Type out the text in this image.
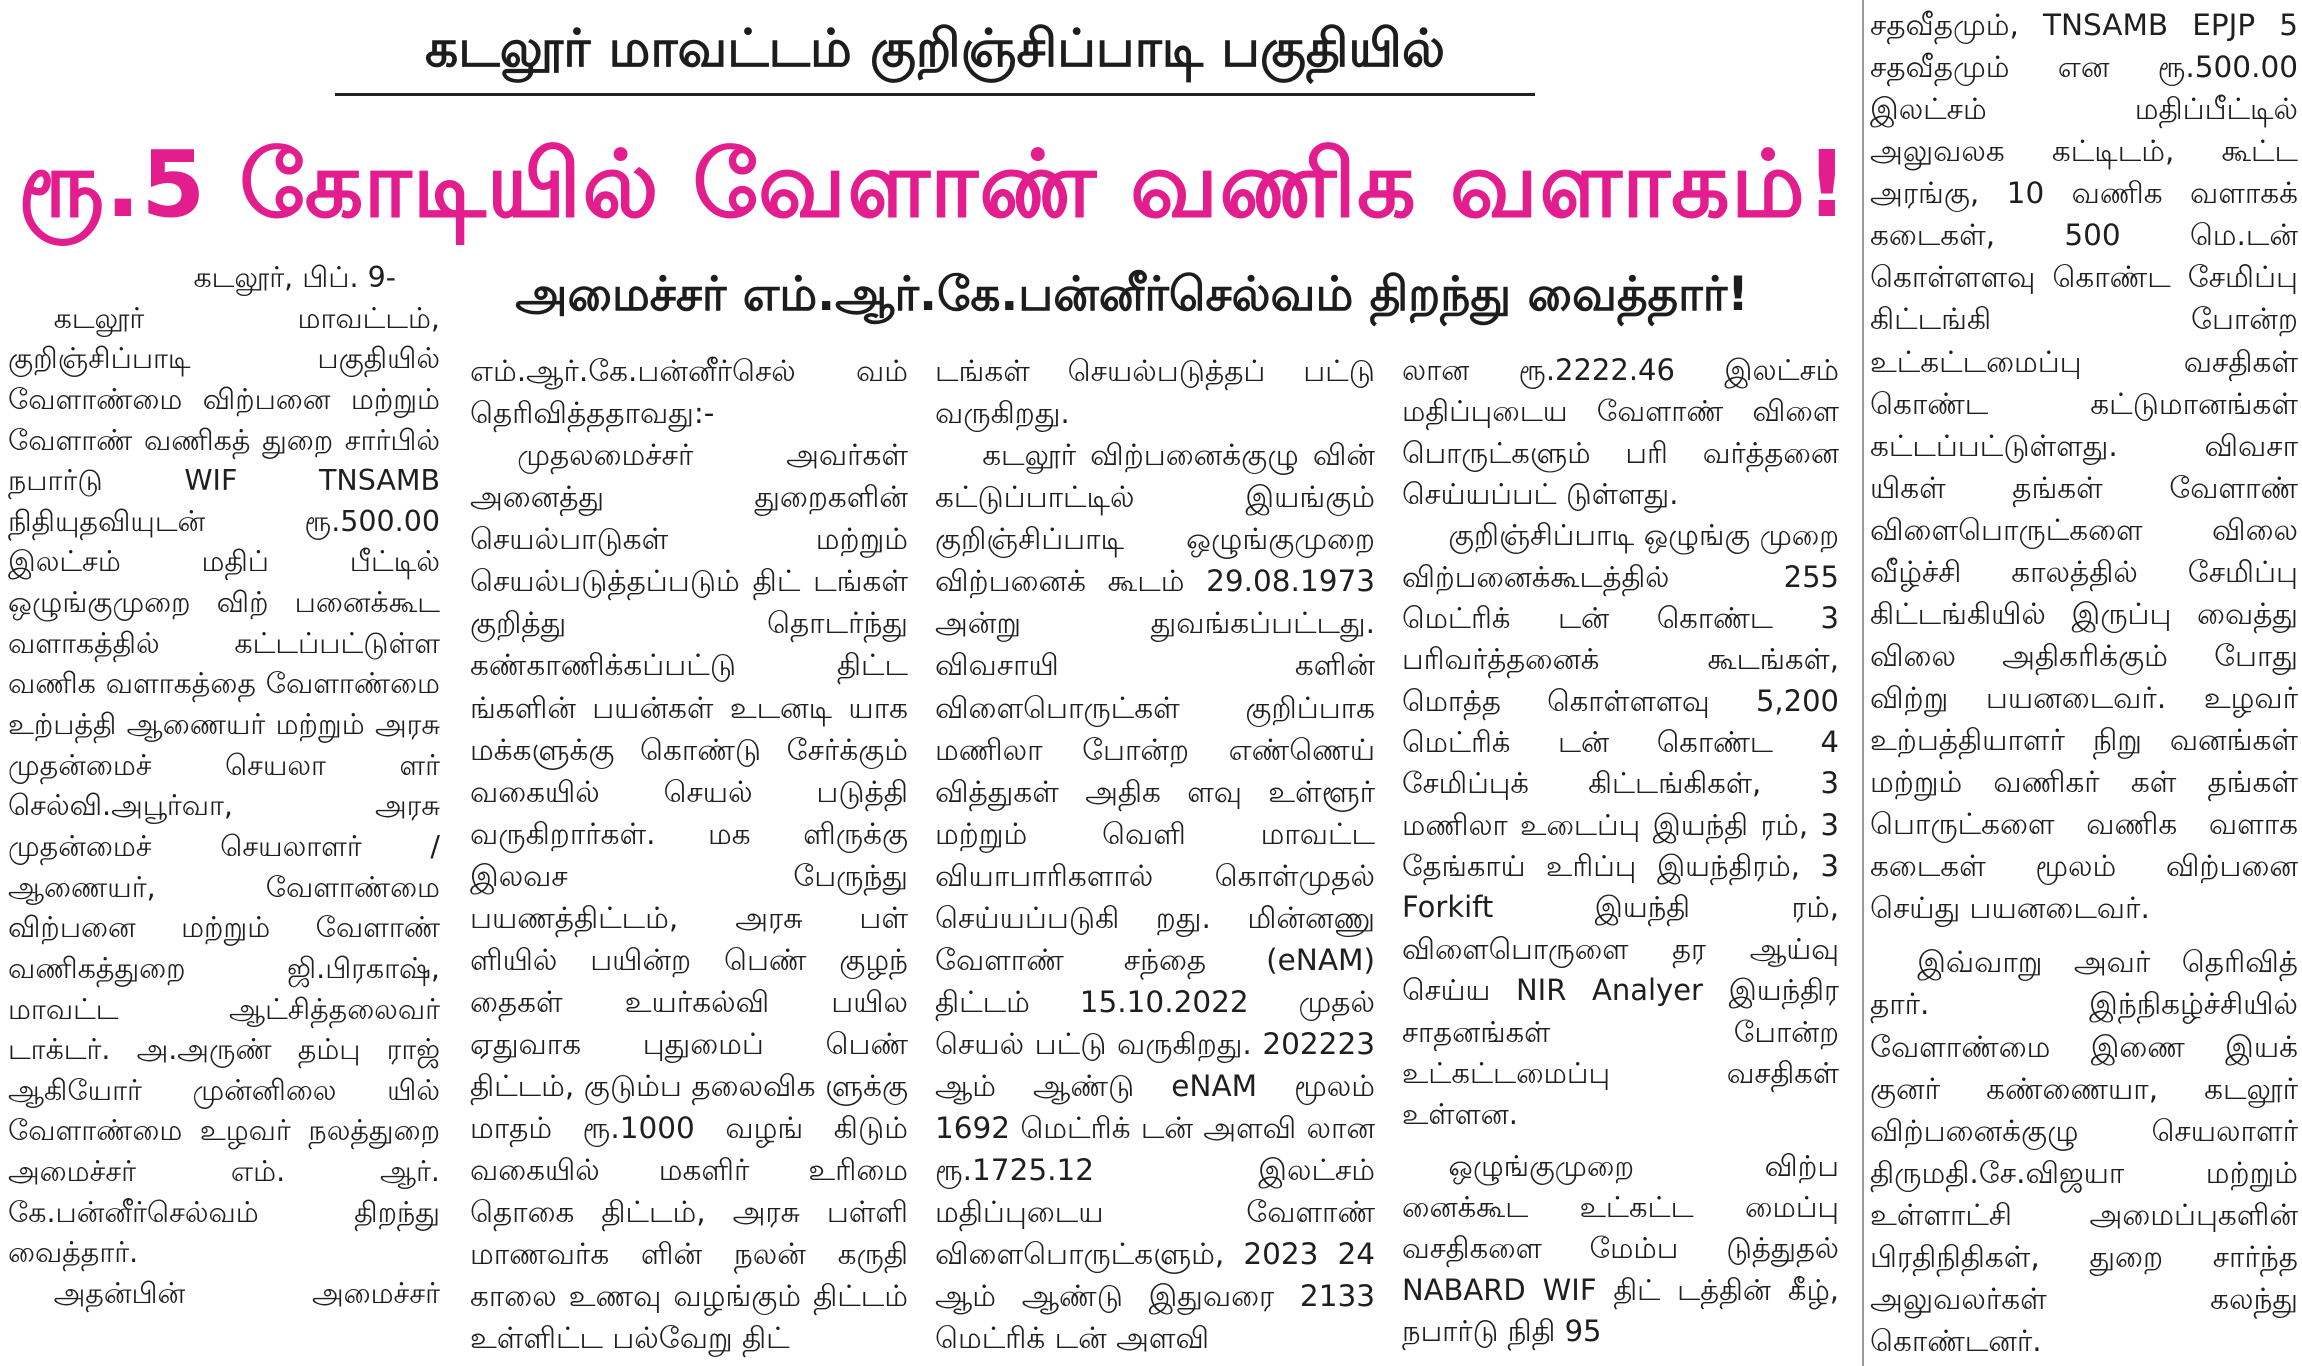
கடலூர் மாவட்டம் குறிஞ்சிப்பாடி பகுதியில்
ரூ.5 கோடியில் வேளாண் வணிக வளாகம்!
அமைச்சர் எம்.ஆர்.கே.பன்னீர்செல்வம் திறந்து வைத்தார்!

கடலூர், பிப். 9-

கடலூர் மாவட்டம், குறிஞ்சிப்பாடி பகுதியில் வேளாண்மை விற்பனை மற்றும் வேளாண் வணிகத் துறை சார்பில் நபார்டு WIF TNSAMB நிதியுதவியுடன் ரூ.500.00 இலட்சம் மதிப் பீட்டில் ஒழுங்குமுறை விற் பனைக்கூட வளாகத்தில் கட்டப்பட்டுள்ள வணிக வளாகத்தை வேளாண்மை உற்பத்தி ஆணையர் மற்றும் அரசு முதன்மைச் செயலா ளர் செல்வி.அபூர்வா, அரசு முதன்மைச் செயலாளர் / ஆணையர், வேளாண்மை விற்பனை மற்றும் வேளாண் வணிகத்துறை ஜி.பிரகாஷ், மாவட்ட ஆட்சித்தலைவர் டாக்டர். அ.அருண் தம்பு ராஜ் ஆகியோர் முன்னிலை யில் வேளாண்மை உழவர் நலத்துறை அமைச்சர் எம். ஆர். கே.பன்னீர்செல்வம் திறந்து வைத்தார்.

அதன்பின் அமைச்சர்

எம்.ஆர்.கே.பன்னீர்செல் வம் தெரிவித்ததாவது:-

முதலமைச்சர் அவர்கள் அனைத்து துறைகளின் செயல்பாடுகள் மற்றும் செயல்படுத்தப்படும் திட் டங்கள் குறித்து தொடர்ந்து கண்காணிக்கப்பட்டு திட்ட ங்களின் பயன்கள் உடனடி யாக மக்களுக்கு கொண்டு சேர்க்கும் வகையில் செயல் படுத்தி வருகிறார்கள். மக ளிருக்கு இலவச பேருந்து பயணத்திட்டம், அரசு பள் ளியில் பயின்ற பெண் குழந் தைகள் உயர்கல்வி பயில ஏதுவாக புதுமைப் பெண் திட்டம், குடும்ப தலைவிக ளுக்கு மாதம் ரூ.1000 வழங் கிடும் வகையில் மகளிர் உரிமை தொகை திட்டம், அரசு பள்ளி மாணவர்க ளின் நலன் கருதி காலை உணவு வழங்கும் திட்டம் உள்ளிட்ட பல்வேறு திட்

டங்கள் செயல்படுத்தப் பட்டு வருகிறது.

கடலூர் விற்பனைக்குழு வின் கட்டுப்பாட்டில் இயங்கும் குறிஞ்சிப்பாடி ஒழுங்குமுறை விற்பனைக் கூடம் 29.08.1973 அன்று துவங்கப்பட்டது. விவசாயி களின் விளைபொருட்கள் குறிப்பாக மணிலா போன்ற எண்ணெய் வித்துகள் அதிக ளவு உள்ளூர் மற்றும் வெளி மாவட்ட வியாபாரிகளால் கொள்முதல் செய்யப்படுகி றது. மின்னணு வேளாண் சந்தை (eNAM) திட்டம் 15.10.2022 முதல் செயல் பட்டு வருகிறது. 202223 ஆம் ஆண்டு eNAM மூலம் 1692 மெட்ரிக் டன் அளவி லான ரூ.1725.12 இலட்சம் மதிப்புடைய வேளாண் விளைபொருட்களும், 2023 24 ஆம் ஆண்டு இதுவரை 2133 மெட்ரிக் டன் அளவி

லான ரூ.2222.46 இலட்சம் மதிப்புடைய வேளாண் விளை பொருட்களும் பரி வர்த்தனை செய்யப்பட் டுள்ளது.

குறிஞ்சிப்பாடி ஒழுங்கு முறை விற்பனைக்கூடத்தில் 255 மெட்ரிக் டன் கொண்ட 3 பரிவர்த்தனைக் கூடங்கள், மொத்த கொள்ளளவு 5,200 மெட்ரிக் டன் கொண்ட 4 சேமிப்புக் கிட்டங்கிகள், 3 மணிலா உடைப்பு இயந்தி ரம், 3 தேங்காய் உரிப்பு இயந்திரம், 3 Forkift இயந்தி ரம், விளைபொருளை தர ஆய்வு செய்ய NIR Analyer இயந்திர சாதனங்கள் போன்ற உட்கட்டமைப்பு வசதிகள் உள்ளன.

ஒழுங்குமுறை விற்ப னைக்கூட உட்கட்ட மைப்பு வசதிகளை மேம்ப டுத்துதல் NABARD WIF திட் டத்தின் கீழ், நபார்டு நிதி 95

சதவீதமும், TNSAMB EPJP 5 சதவீதமும் என ரூ.500.00 இலட்சம் மதிப்பீட்டில் அலுவலக கட்டிடம், கூட்ட அரங்கு, 10 வணிக வளாகக் கடைகள், 500 மெ.டன் கொள்ளளவு கொண்ட சேமிப்பு கிட்டங்கி போன்ற உட்கட்டமைப்பு வசதிகள் கொண்ட கட்டுமானங்கள் கட்டப்பட்டுள்ளது. விவசா யிகள் தங்கள் வேளாண் விளைபொருட்களை விலை வீழ்ச்சி காலத்தில் சேமிப்பு கிட்டங்கியில் இருப்பு வைத்து விலை அதிகரிக்கும் போது விற்று பயனடைவர். உழவர் உற்பத்தியாளர் நிறு வனங்கள் மற்றும் வணிகர் கள் தங்கள் பொருட்களை வணிக வளாக கடைகள் மூலம் விற்பனை செய்து பயனடைவர்.

இவ்வாறு அவர் தெரிவித் தார். இந்நிகழ்ச்சியில் வேளாண்மை இணை இயக் குனர் கண்ணையா, கடலூர் விற்பனைக்குழு செயலாளர் திருமதி.சே.விஜயா மற்றும் உள்ளாட்சி அமைப்புகளின் பிரதிநிதிகள், துறை சார்ந்த அலுவலர்கள் கலந்து கொண்டனர்.
